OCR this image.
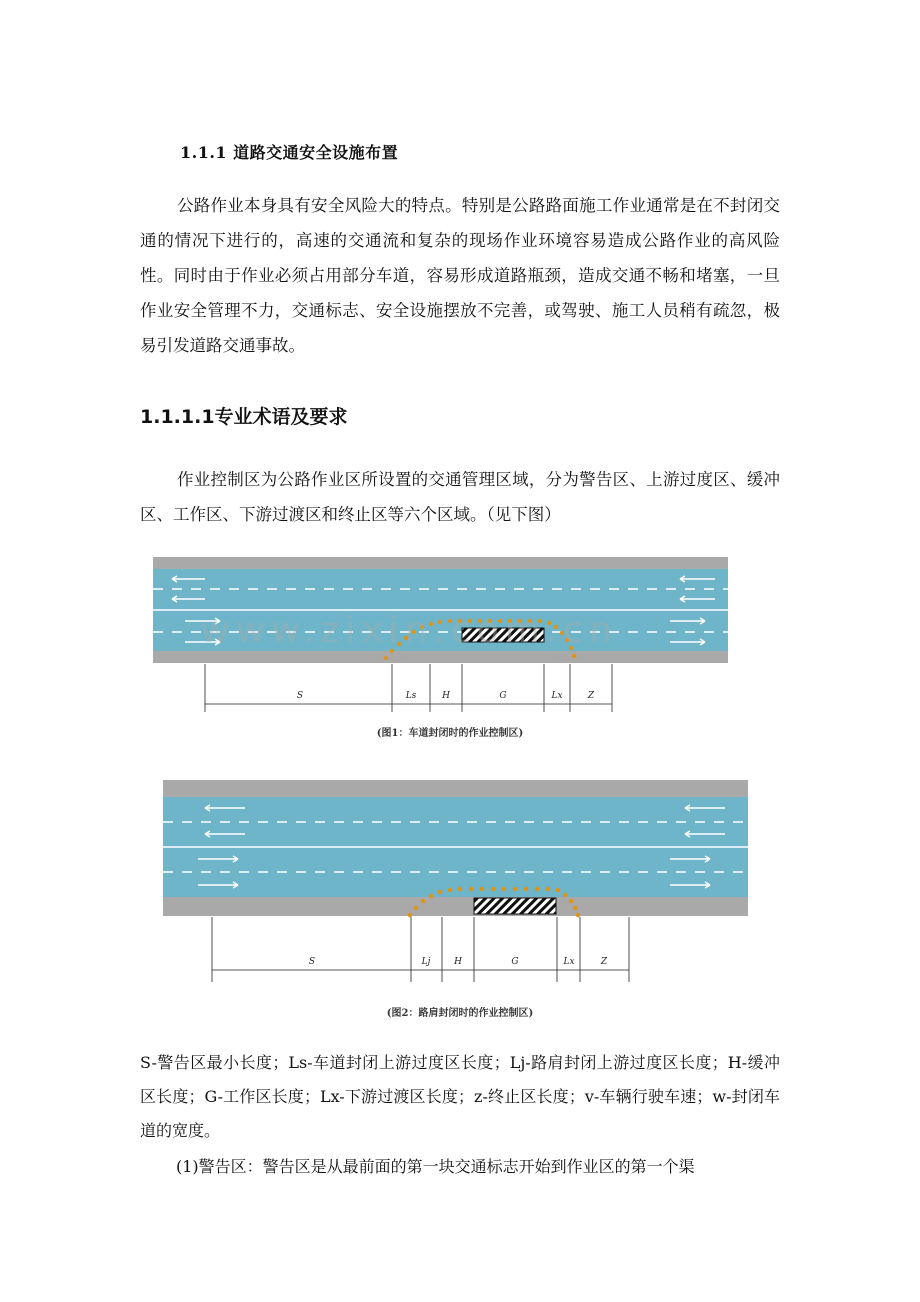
1.1.1 道路交通安全设施布置
公路作业本身具有安全风险大的特点。特别是公路路面施工作业通常是在不封闭交通的情况下进行的，高速的交通流和复杂的现场作业环境容易造成公路作业的高风险性。同时由于作业必须占用部分车道，容易形成道路瓶颈，造成交通不畅和堵塞，一旦作业安全管理不力，交通标志、安全设施摆放不完善，或驾驶、施工人员稍有疏忽，极易引发道路交通事故。
1.1.1.1专业术语及要求
作业控制区为公路作业区所设置的交通管理区域，分为警告区、上游过度区、缓冲区、工作区、下游过渡区和终止区等六个区域。（见下图）
S	Ls	H	G	Lx	Z
(图1：车道封闭时的作业控制区)
S	Lj	H	G	Lx	Z
(图2：路肩封闭时的作业控制区)
www.zixin.com.cn
S-警告区最小长度；Ls-车道封闭上游过度区长度；Lj-路肩封闭上游过度区长度；H-缓冲区长度；G-工作区长度；Lx-下游过渡区长度；z-终止区长度；v-车辆行驶车速；w-封闭车道的宽度。
(1)警告区：警告区是从最前面的第一块交通标志开始到作业区的第一个渠
